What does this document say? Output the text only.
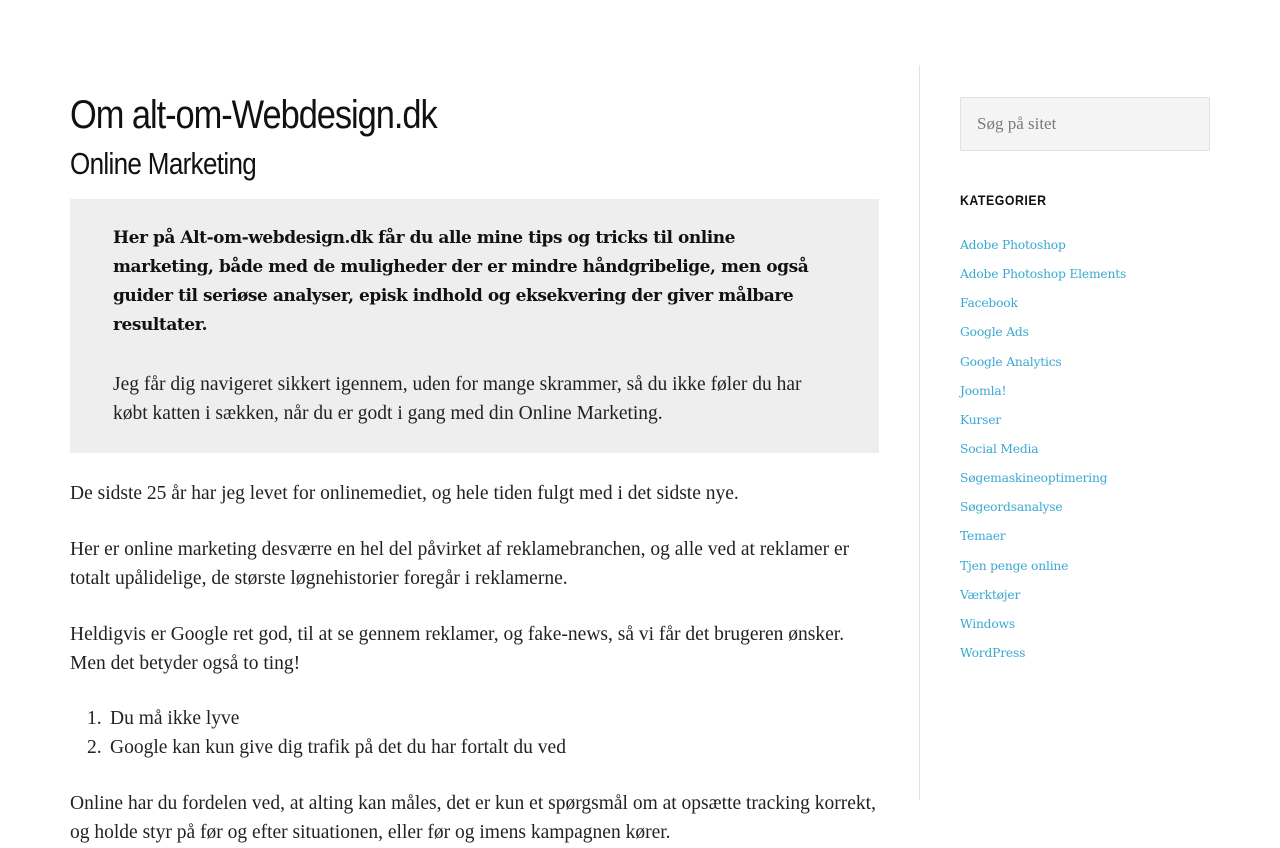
Om alt-om-Webdesign.dk
Online Marketing

Her på Alt-om-webdesign.dk får du alle mine tips og tricks til online marketing, både med de muligheder der er mindre håndgribelige, men også guider til seriøse analyser, episk indhold og eksekvering der giver målbare resultater.

Jeg får dig navigeret sikkert igennem, uden for mange skrammer, så du ikke føler du har købt katten i sækken, når du er godt i gang med din Online Marketing.

De sidste 25 år har jeg levet for onlinemediet, og hele tiden fulgt med i det sidste nye.

Her er online marketing desværre en hel del påvirket af reklamebranchen, og alle ved at reklamer er totalt upålidelige, de største løgnehistorier foregår i reklamerne.

Heldigvis er Google ret god, til at se gennem reklamer, og fake-news, så vi får det brugeren ønsker. Men det betyder også to ting!

1. Du må ikke lyve
2. Google kan kun give dig trafik på det du har fortalt du ved

Online har du fordelen ved, at alting kan måles, det er kun et spørgsmål om at opsætte tracking korrekt, og holde styr på før og efter situationen, eller før og imens kampagnen kører.

Søg på sitet
KATEGORIER
Adobe Photoshop
Adobe Photoshop Elements
Facebook
Google Ads
Google Analytics
Joomla!
Kurser
Social Media
Søgemaskineoptimering
Søgeordsanalyse
Temaer
Tjen penge online
Værktøjer
Windows
WordPress
